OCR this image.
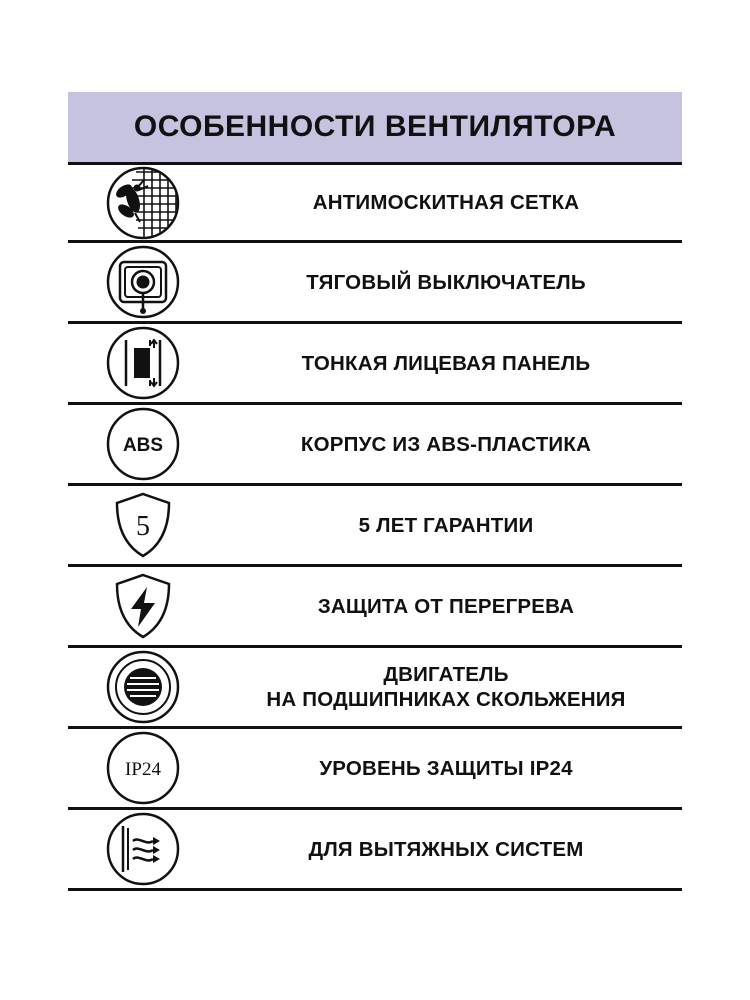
ОСОБЕННОСТИ ВЕНТИЛЯТОРА
АНТИМОСКИТНАЯ СЕТКА
ТЯГОВЫЙ ВЫКЛЮЧАТЕЛЬ
ТОНКАЯ ЛИЦЕВАЯ ПАНЕЛЬ
ABS	КОРПУС ИЗ ABS-ПЛАСТИКА
5	5 ЛЕТ ГАРАНТИИ
ЗАЩИТА ОТ ПЕРЕГРЕВА
ДВИГАТЕЛЬ
НА ПОДШИПНИКАХ СКОЛЬЖЕНИЯ
IP24	УРОВЕНЬ ЗАЩИТЫ IP24
ДЛЯ ВЫТЯЖНЫХ СИСТЕМ
